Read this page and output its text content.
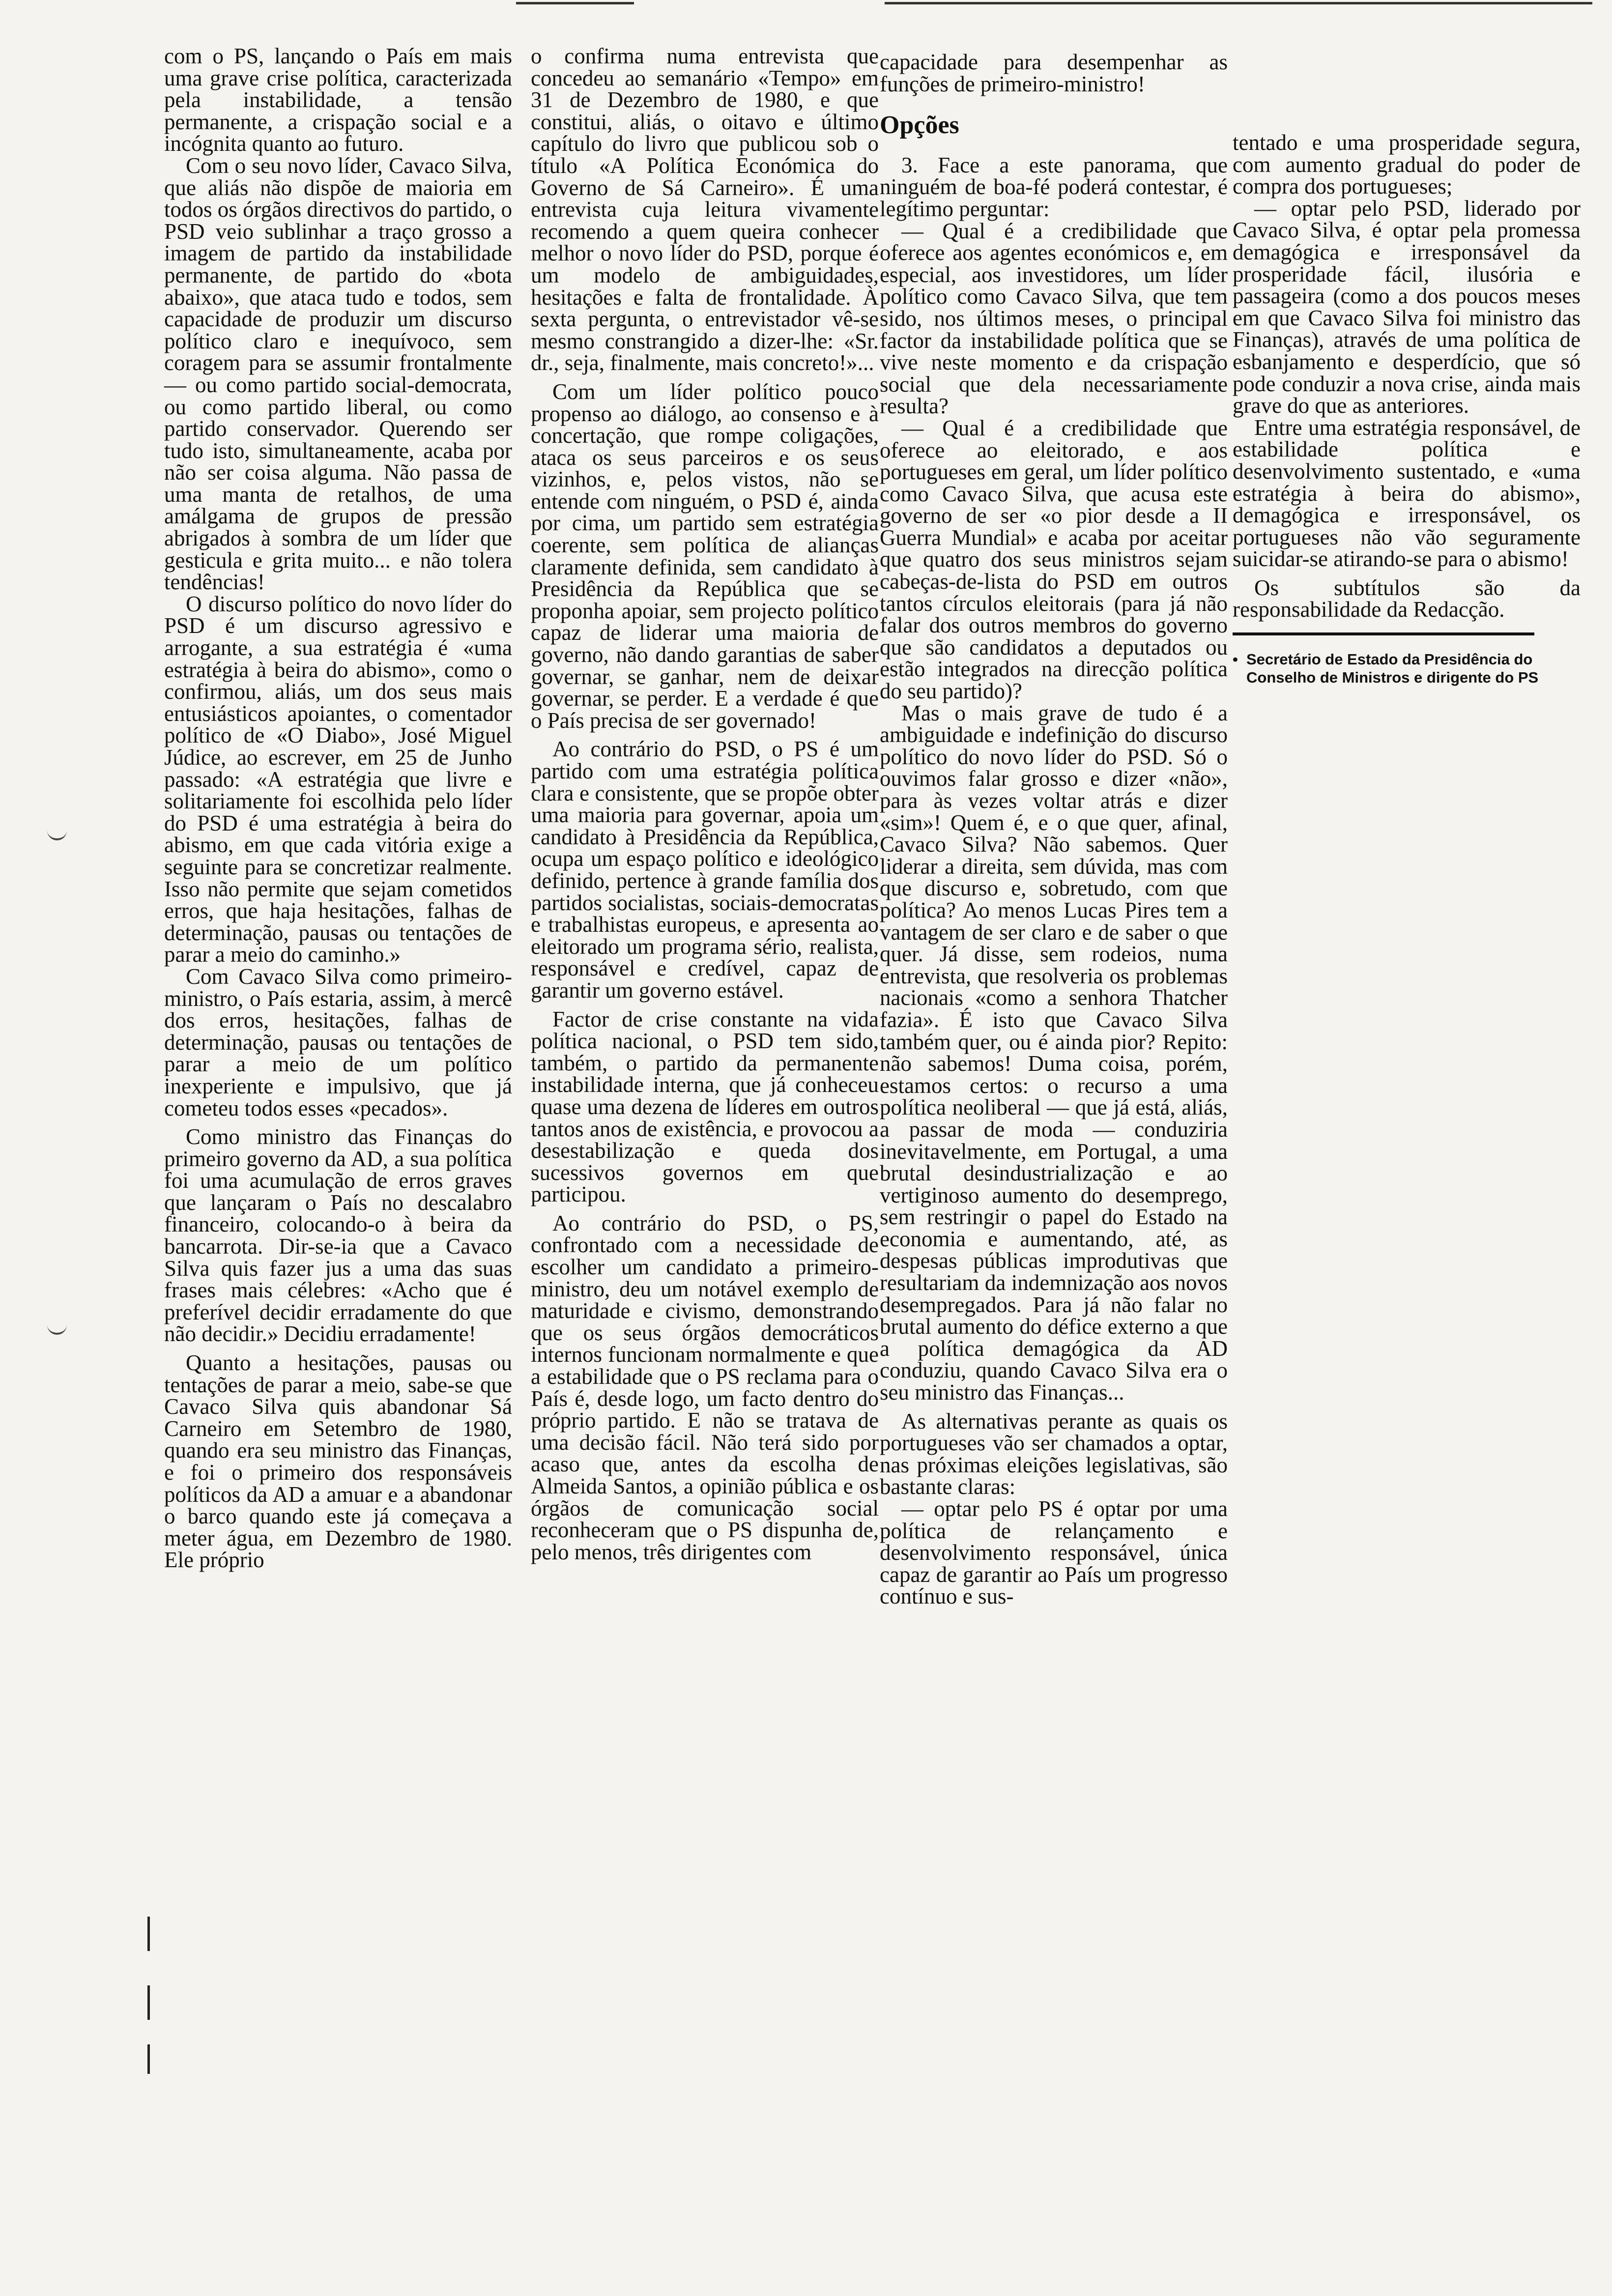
com o PS, lançando o País em mais uma grave crise política, caracterizada pela instabilidade, a tensão permanente, a crispação social e a incógnita quanto ao futuro.

Com o seu novo líder, Cavaco Silva, que aliás não dispõe de maioria em todos os órgãos directivos do partido, o PSD veio sublinhar a traço grosso a imagem de partido da instabilidade permanente, de partido do «bota abaixo», que ataca tudo e todos, sem capacidade de produzir um discurso político claro e inequívoco, sem coragem para se assumir frontalmente — ou como partido social-democrata, ou como partido liberal, ou como partido conservador. Querendo ser tudo isto, simultaneamente, acaba por não ser coisa alguma. Não passa de uma manta de retalhos, de uma amálgama de grupos de pressão abrigados à sombra de um líder que gesticula e grita muito... e não tolera tendências!

O discurso político do novo líder do PSD é um discurso agressivo e arrogante, a sua estratégia é «uma estratégia à beira do abismo», como o confirmou, aliás, um dos seus mais entusiásticos apoiantes, o comentador político de «O Diabo», José Miguel Júdice, ao escrever, em 25 de Junho passado: «A estratégia que livre e solitariamente foi escolhida pelo líder do PSD é uma estratégia à beira do abismo, em que cada vitória exige a seguinte para se concretizar realmente. Isso não permite que sejam cometidos erros, que haja hesitações, falhas de determinação, pausas ou tentações de parar a meio do caminho.»

Com Cavaco Silva como primeiro-ministro, o País estaria, assim, à mercê dos erros, hesitações, falhas de determinação, pausas ou tentações de parar a meio de um político inexperiente e impulsivo, que já cometeu todos esses «pecados».

Como ministro das Finanças do primeiro governo da AD, a sua política foi uma acumulação de erros graves que lançaram o País no descalabro financeiro, colocando-o à beira da bancarrota. Dir-se-ia que a Cavaco Silva quis fazer jus a uma das suas frases mais célebres: «Acho que é preferível decidir erradamente do que não decidir.» Decidiu erradamente!

Quanto a hesitações, pausas ou tentações de parar a meio, sabe-se que Cavaco Silva quis abandonar Sá Carneiro em Setembro de 1980, quando era seu ministro das Finanças, e foi o primeiro dos responsáveis políticos da AD a amuar e a abandonar o barco quando este já começava a meter água, em Dezembro de 1980. Ele próprio

o confirma numa entrevista que concedeu ao semanário «Tempo» em 31 de Dezembro de 1980, e que constitui, aliás, o oitavo e último capítulo do livro que publicou sob o título «A Política Económica do Governo de Sá Carneiro». É uma entrevista cuja leitura vivamente recomendo a quem queira conhecer melhor o novo líder do PSD, porque é um modelo de ambiguidades, hesitações e falta de frontalidade. À sexta pergunta, o entrevistador vê-se mesmo constrangido a dizer-lhe: «Sr. dr., seja, finalmente, mais concreto!»...

Com um líder político pouco propenso ao diálogo, ao consenso e à concertação, que rompe coligações, ataca os seus parceiros e os seus vizinhos, e, pelos vistos, não se entende com ninguém, o PSD é, ainda por cima, um partido sem estratégia coerente, sem política de alianças claramente definida, sem candidato à Presidência da República que se proponha apoiar, sem projecto político capaz de liderar uma maioria de governo, não dando garantias de saber governar, se ganhar, nem de deixar governar, se perder. E a verdade é que o País precisa de ser governado!

Ao contrário do PSD, o PS é um partido com uma estratégia política clara e consistente, que se propõe obter uma maioria para governar, apoia um candidato à Presidência da República, ocupa um espaço político e ideológico definido, pertence à grande família dos partidos socialistas, sociais-democratas e trabalhistas europeus, e apresenta ao eleitorado um programa sério, realista, responsável e credível, capaz de garantir um governo estável.

Factor de crise constante na vida política nacional, o PSD tem sido, também, o partido da permanente instabilidade interna, que já conheceu quase uma dezena de líderes em outros tantos anos de existência, e provocou a desestabilização e queda dos sucessivos governos em que participou.

Ao contrário do PSD, o PS, confrontado com a necessidade de escolher um candidato a primeiro-ministro, deu um notável exemplo de maturidade e civismo, demonstrando que os seus órgãos democráticos internos funcionam normalmente e que a estabilidade que o PS reclama para o País é, desde logo, um facto dentro do próprio partido. E não se tratava de uma decisão fácil. Não terá sido por acaso que, antes da escolha de Almeida Santos, a opinião pública e os órgãos de comunicação social reconheceram que o PS dispunha de, pelo menos, três dirigentes com

capacidade para desempenhar as funções de primeiro-ministro!

Opções

3. Face a este panorama, que ninguém de boa-fé poderá contestar, é legítimo perguntar:

— Qual é a credibilidade que oferece aos agentes económicos e, em especial, aos investidores, um líder político como Cavaco Silva, que tem sido, nos últimos meses, o principal factor da instabilidade política que se vive neste momento e da crispação social que dela necessariamente resulta?

— Qual é a credibilidade que oferece ao eleitorado, e aos portugueses em geral, um líder político como Cavaco Silva, que acusa este governo de ser «o pior desde a II Guerra Mundial» e acaba por aceitar que quatro dos seus ministros sejam cabeças-de-lista do PSD em outros tantos círculos eleitorais (para já não falar dos outros membros do governo que são candidatos a deputados ou estão integrados na direcção política do seu partido)?

Mas o mais grave de tudo é a ambiguidade e indefinição do discurso político do novo líder do PSD. Só o ouvimos falar grosso e dizer «não», para às vezes voltar atrás e dizer «sim»! Quem é, e o que quer, afinal, Cavaco Silva? Não sabemos. Quer liderar a direita, sem dúvida, mas com que discurso e, sobretudo, com que política? Ao menos Lucas Pires tem a vantagem de ser claro e de saber o que quer. Já disse, sem rodeios, numa entrevista, que resolveria os problemas nacionais «como a senhora Thatcher fazia». É isto que Cavaco Silva também quer, ou é ainda pior? Repito: não sabemos! Duma coisa, porém, estamos certos: o recurso a uma política neoliberal — que já está, aliás, a passar de moda — conduziria inevitavelmente, em Portugal, a uma brutal desindustrialização e ao vertiginoso aumento do desemprego, sem restringir o papel do Estado na economia e aumentando, até, as despesas públicas improdutivas que resultariam da indemnização aos novos desempregados. Para já não falar no brutal aumento do défice externo a que a política demagógica da AD conduziu, quando Cavaco Silva era o seu ministro das Finanças...

As alternativas perante as quais os portugueses vão ser chamados a optar, nas próximas eleições legislativas, são bastante claras:

— optar pelo PS é optar por uma política de relançamento e desenvolvimento responsável, única capaz de garantir ao País um progresso contínuo e sus-

tentado e uma prosperidade segura, com aumento gradual do poder de compra dos portugueses;

— optar pelo PSD, liderado por Cavaco Silva, é optar pela promessa demagógica e irresponsável da prosperidade fácil, ilusória e passageira (como a dos poucos meses em que Cavaco Silva foi ministro das Finanças), através de uma política de esbanjamento e desperdício, que só pode conduzir a nova crise, ainda mais grave do que as anteriores.

Entre uma estratégia responsável, de estabilidade política e desenvolvimento sustentado, e «uma estratégia à beira do abismo», demagógica e irresponsável, os portugueses não vão seguramente suicidar-se atirando-se para o abismo!

Os subtítulos são da responsabilidade da Redacção.

• Secretário de Estado da Presidência do Conselho de Ministros e dirigente do PS
